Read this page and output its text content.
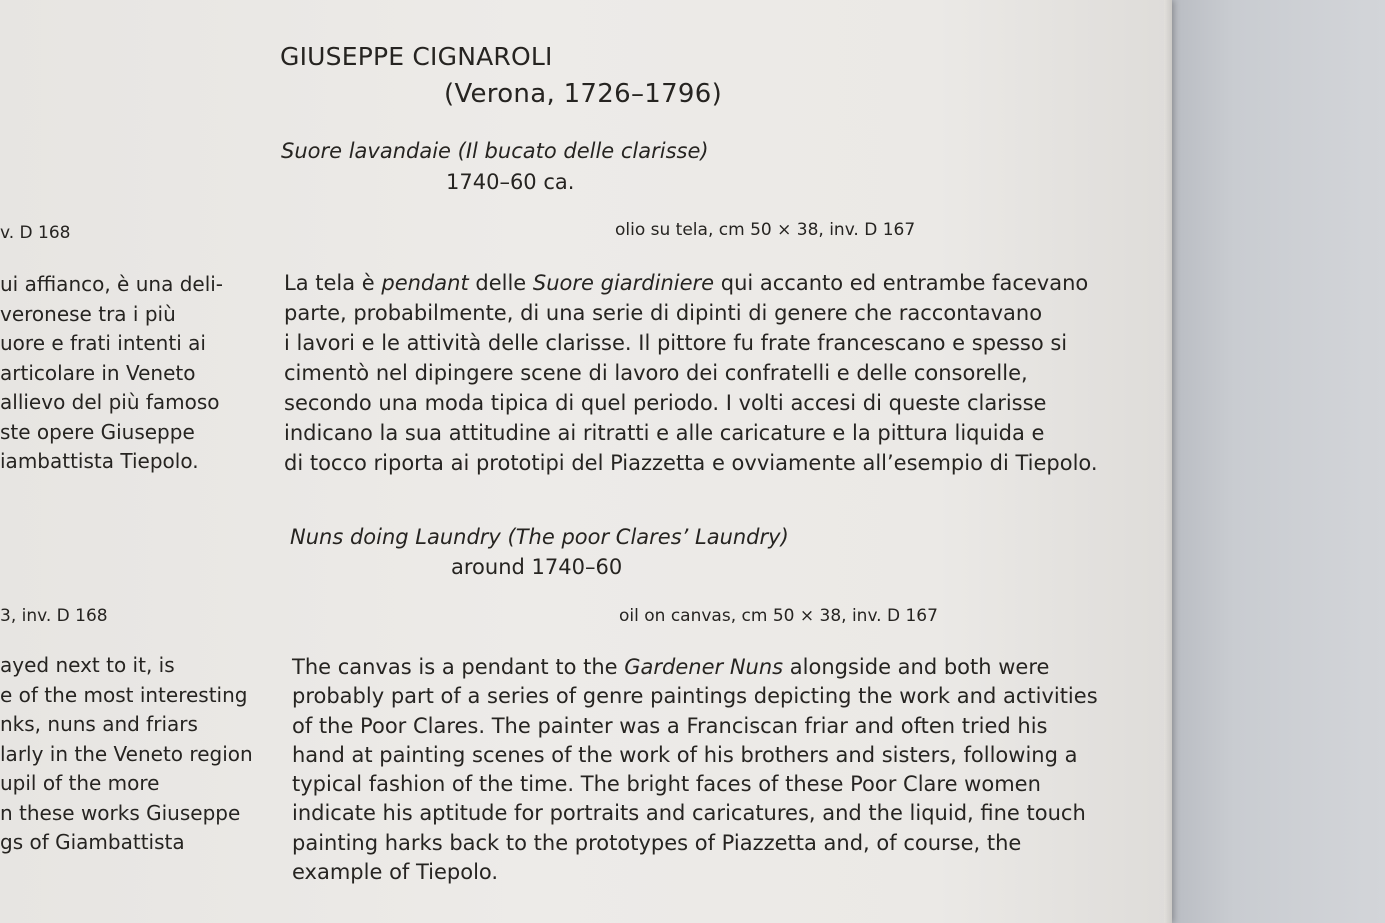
v. D 168
ui affianco, è una deli-
veronese tra i più
uore e frati intenti ai
articolare in Veneto
allievo del più famoso
ste opere Giuseppe
iambattista Tiepolo.
3, inv. D 168
ayed next to it, is
e of the most interesting
nks, nuns and friars
larly in the Veneto region
upil of the more
n these works Giuseppe
gs of Giambattista
GIUSEPPE CIGNAROLI
(Verona, 1726–1796)
Suore lavandaie (Il bucato delle clarisse)
1740–60 ca.
olio su tela, cm 50 × 38, inv. D 167
La tela è pendant delle Suore giardiniere qui accanto ed entrambe facevano
parte, probabilmente, di una serie di dipinti di genere che raccontavano
i lavori e le attività delle clarisse. Il pittore fu frate francescano e spesso si
cimentò nel dipingere scene di lavoro dei confratelli e delle consorelle,
secondo una moda tipica di quel periodo. I volti accesi di queste clarisse
indicano la sua attitudine ai ritratti e alle caricature e la pittura liquida e
di tocco riporta ai prototipi del Piazzetta e ovviamente all’esempio di Tiepolo.
Nuns doing Laundry (The poor Clares’ Laundry)
around 1740–60
oil on canvas, cm 50 × 38, inv. D 167
The canvas is a pendant to the Gardener Nuns alongside and both were
probably part of a series of genre paintings depicting the work and activities
of the Poor Clares. The painter was a Franciscan friar and often tried his
hand at painting scenes of the work of his brothers and sisters, following a
typical fashion of the time. The bright faces of these Poor Clare women
indicate his aptitude for portraits and caricatures, and the liquid, fine touch
painting harks back to the prototypes of Piazzetta and, of course, the
example of Tiepolo.
